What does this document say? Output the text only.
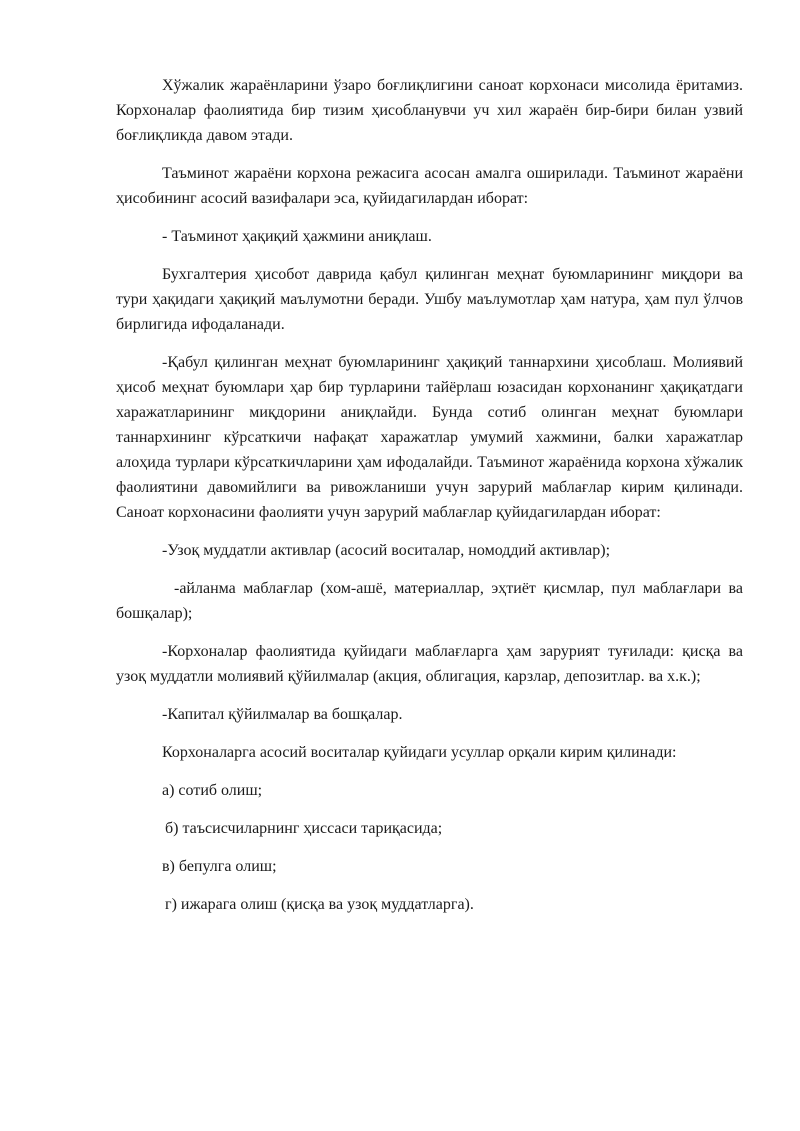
Хўжалик жараёнларини ўзаро боғлиқлигини саноат корхонаси мисолида ёритамиз. Корхоналар фаолиятида бир тизим ҳисобланувчи уч хил жараён бир-бири билан узвий боғлиқликда давом этади.

Таъминот жараёни корхона режасига асосан амалга оширилади. Таъминот жараёни ҳисобининг асосий вазифалари эса, қуйидагилардан иборат:

- Таъминот ҳақиқий ҳажмини аниқлаш.

Бухгалтерия ҳисобот даврида қабул қилинган меҳнат буюмларининг миқдори ва тури ҳақидаги ҳақиқий маълумотни беради. Ушбу маълумотлар ҳам натура, ҳам пул ўлчов бирлигида ифодаланади.

-Қабул қилинган меҳнат буюмларининг ҳақиқий таннархини ҳисоблаш. Молиявий ҳисоб меҳнат буюмлари ҳар бир турларини тайёрлаш юзасидан корхонанинг ҳақиқатдаги харажатларининг миқдорини аниқлайди. Бунда сотиб олинган меҳнат буюмлари таннархининг кўрсаткичи нафақат харажатлар умумий хажмини, балки харажатлар алоҳида турлари кўрсаткичларини ҳам ифодалайди. Таъминот жараёнида корхона хўжалик фаолиятини давомийлиги ва ривожланиши учун зарурий маблағлар кирим қилинади. Саноат корхонасини фаолияти учун зарурий маблағлар қуйидагилардан иборат:

-Узоқ муддатли активлар (асосий воситалар, номоддий активлар);

-айланма маблағлар (хом-ашё, материаллар, эҳтиёт қисмлар, пул маблағлари ва бошқалар);

-Корхоналар фаолиятида қуйидаги маблағларга ҳам зарурият туғилади: қисқа ва узоқ муддатли молиявий қўйилмалар (акция, облигация, карзлар, депозитлар. ва х.к.);

-Капитал қўйилмалар ва бошқалар.

Корхоналарга асосий воситалар қуйидаги усуллар орқали кирим қилинади:

а) сотиб олиш;

б) таъсисчиларнинг ҳиссаси тариқасида;

в) бепулга олиш;

г) ижарага олиш (қисқа ва узоқ муддатларга).
